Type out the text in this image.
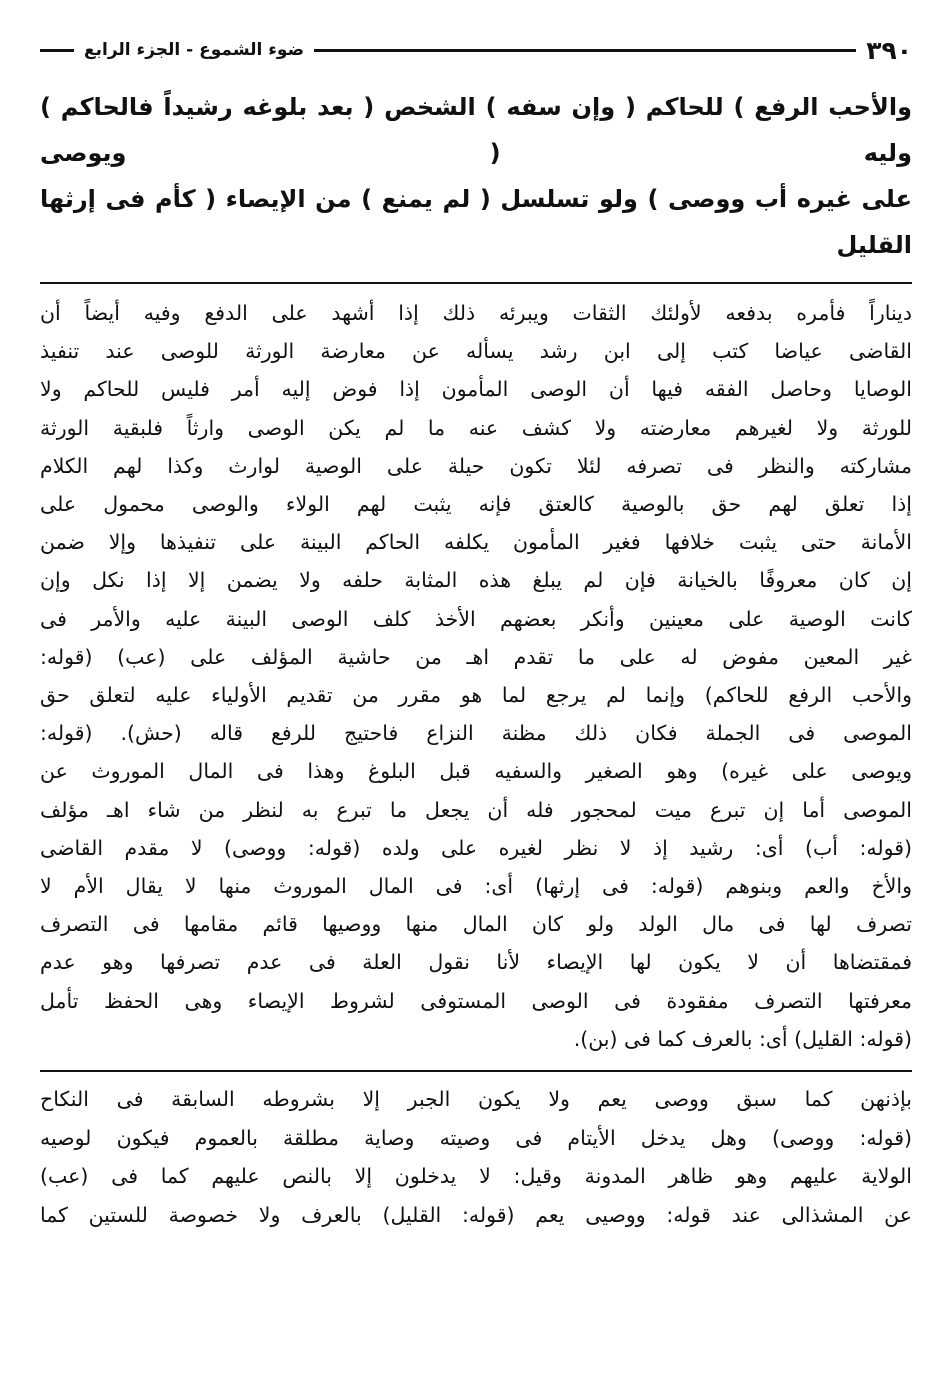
٣٩٠
ضوء الشموع - الجزء الرابع

والأحب الرفع ) للحاكم ( وإن سفه ) الشخص ( بعد بلوغه رشيداً فالحاكم ) وليه ( ويوصى

على غيره أب ووصى ) ولو تسلسل ( لم يمنع ) من الإيصاء ( كأم فى إرثها القليل

ديناراً فأمره بدفعه لأولئك الثقات ويبرئه ذلك إذا أشهد على الدفع وفيه أيضاً أن

القاضى عياضا كتب إلى ابن رشد يسأله عن معارضة الورثة للوصى عند تنفيذ

الوصايا وحاصل الفقه فيها أن الوصى المأمون إذا فوض إليه أمر فليس للحاكم ولا

للورثة ولا لغيرهم معارضته ولا كشف عنه ما لم يكن الوصى وارثاً فلبقية الورثة

مشاركته والنظر فى تصرفه لئلا تكون حيلة على الوصية لوارث وكذا لهم الكلام

إذا تعلق لهم حق بالوصية كالعتق فإنه يثبت لهم الولاء والوصى محمول على

الأمانة حتى يثبت خلافها فغير المأمون يكلفه الحاكم البينة على تنفيذها وإلا ضمن

إن كان معروفًا بالخيانة فإن لم يبلغ هذه المثابة حلفه ولا يضمن إلا إذا نكل وإن

كانت الوصية على معينين وأنكر بعضهم الأخذ كلف الوصى البينة عليه والأمر فى

غير المعين مفوض له على ما تقدم اهـ من حاشية المؤلف على (عب) (قوله:

والأحب الرفع للحاكم) وإنما لم يرجع لما هو مقرر من تقديم الأولياء عليه لتعلق حق

الموصى فى الجملة فكان ذلك مظنة النزاع فاحتيج للرفع قاله (حش). (قوله:

ويوصى على غيره) وهو الصغير والسفيه قبل البلوغ وهذا فى المال الموروث عن

الموصى أما إن تبرع ميت لمحجور فله أن يجعل ما تبرع به لنظر من شاء اهـ مؤلف

(قوله: أب) أى: رشيد إذ لا نظر لغيره على ولده (قوله: ووصى) لا مقدم القاضى

والأخ والعم وبنوهم (قوله: فى إرثها) أى: فى المال الموروث منها لا يقال الأم لا

تصرف لها فى مال الولد ولو كان المال منها ووصيها قائم مقامها فى التصرف

فمقتضاها أن لا يكون لها الإيصاء لأنا نقول العلة فى عدم تصرفها وهو عدم

معرفتها التصرف مفقودة فى الوصى المستوفى لشروط الإيصاء وهى الحفظ تأمل

(قوله: القليل) أى: بالعرف كما فى (بن).

بإذنهن كما سبق ووصى يعم ولا يكون الجبر إلا بشروطه السابقة فى النكاح

(قوله: ووصى) وهل يدخل الأيتام فى وصيته وصاية مطلقة بالعموم فيكون لوصيه

الولاية عليهم وهو ظاهر المدونة وقيل: لا يدخلون إلا بالنص عليهم كما فى (عب)

عن المشذالى عند قوله: ووصيى يعم (قوله: القليل) بالعرف ولا خصوصة للستين كما
